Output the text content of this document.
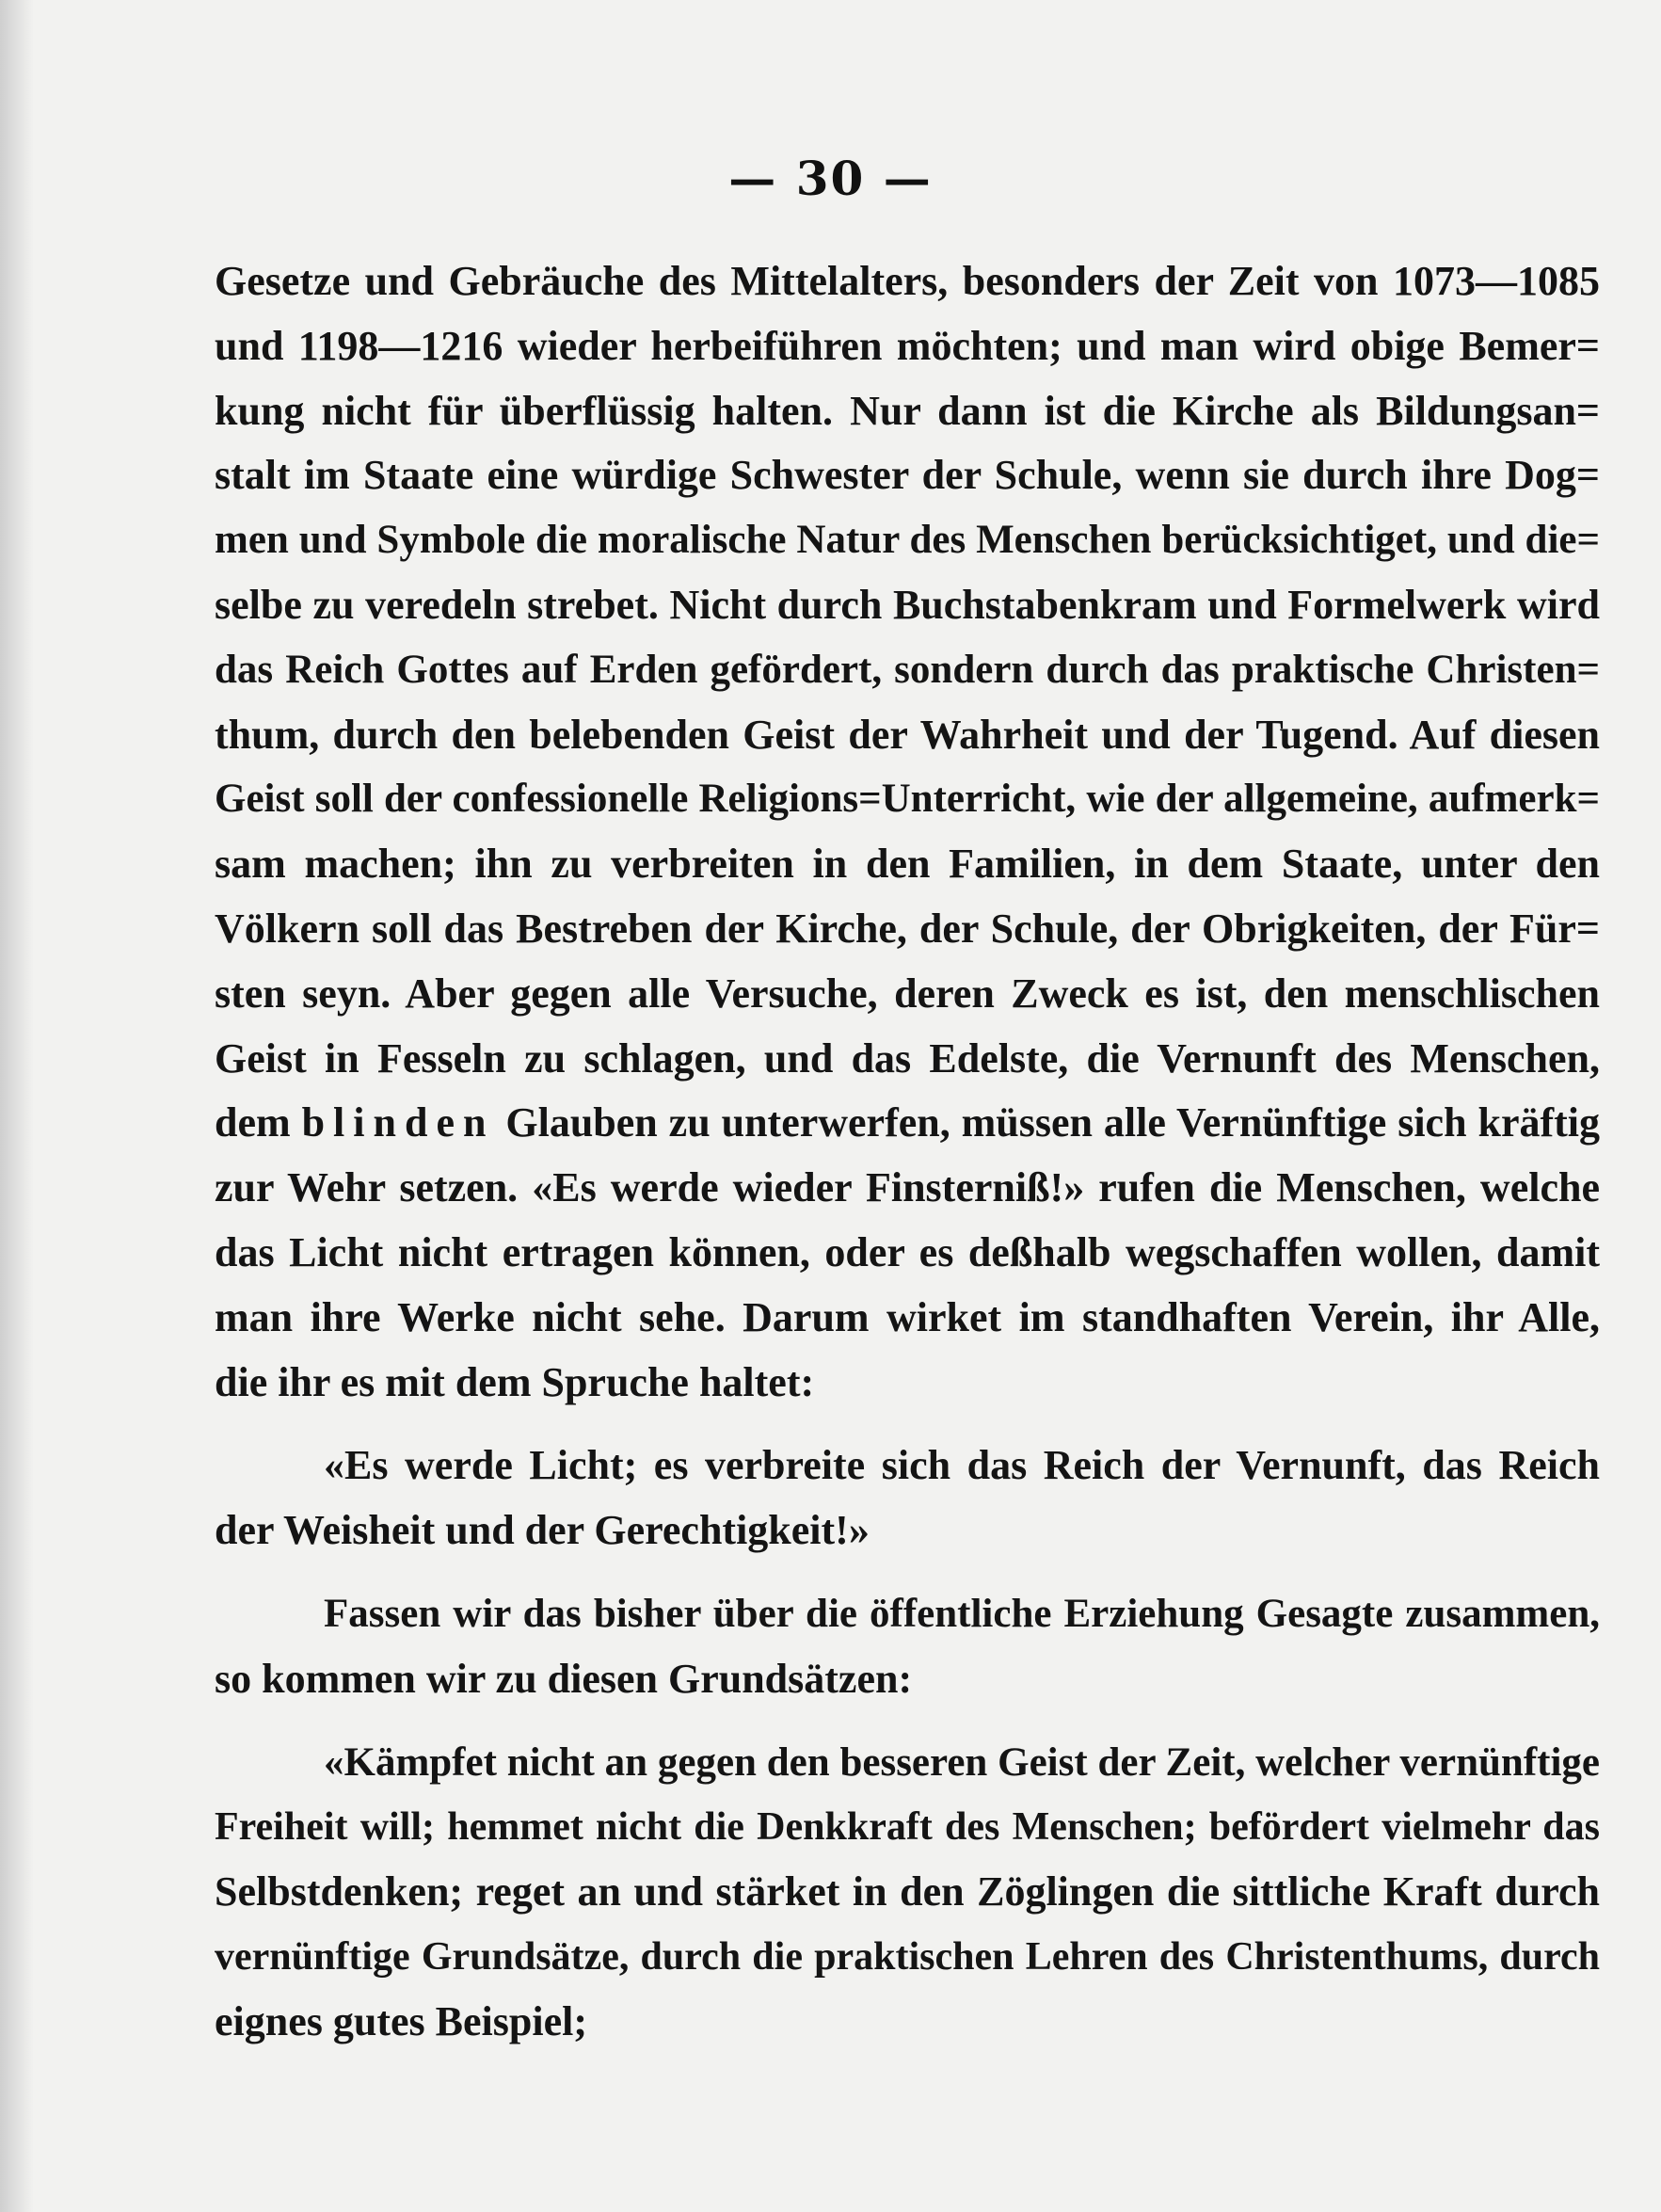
— 30 —
Gesetze und Gebräuche des Mittelalters, besonders der Zeit von 1073—1085
und 1198—1216 wieder herbeiführen möchten; und man wird obige Bemer=
kung nicht für überflüssig halten. Nur dann ist die Kirche als Bildungsan=
stalt im Staate eine würdige Schwester der Schule, wenn sie durch ihre Dog=
men und Symbole die moralische Natur des Menschen berücksichtiget, und die=
selbe zu veredeln strebet. Nicht durch Buchstabenkram und Formelwerk wird
das Reich Gottes auf Erden gefördert, sondern durch das praktische Christen=
thum, durch den belebenden Geist der Wahrheit und der Tugend. Auf diesen
Geist soll der confessionelle Religions=Unterricht, wie der allgemeine, aufmerk=
sam machen; ihn zu verbreiten in den Familien, in dem Staate, unter den
Völkern soll das Bestreben der Kirche, der Schule, der Obrigkeiten, der Für=
sten seyn. Aber gegen alle Versuche, deren Zweck es ist, den menschlischen
Geist in Fesseln zu schlagen, und das Edelste, die Vernunft des Menschen,
dem blinden Glauben zu unterwerfen, müssen alle Vernünftige sich kräftig
zur Wehr setzen. «Es werde wieder Finsterniß!» rufen die Menschen, welche
das Licht nicht ertragen können, oder es deßhalb wegschaffen wollen, damit
man ihre Werke nicht sehe. Darum wirket im standhaften Verein, ihr Alle,
die ihr es mit dem Spruche haltet:
«Es werde Licht; es verbreite sich das Reich der Vernunft, das Reich
der Weisheit und der Gerechtigkeit!»
Fassen wir das bisher über die öffentliche Erziehung Gesagte zusammen,
so kommen wir zu diesen Grundsätzen:
«Kämpfet nicht an gegen den besseren Geist der Zeit, welcher vernünftige
Freiheit will; hemmet nicht die Denkkraft des Menschen; befördert vielmehr das
Selbstdenken; reget an und stärket in den Zöglingen die sittliche Kraft durch
vernünftige Grundsätze, durch die praktischen Lehren des Christenthums, durch
eignes gutes Beispiel;
